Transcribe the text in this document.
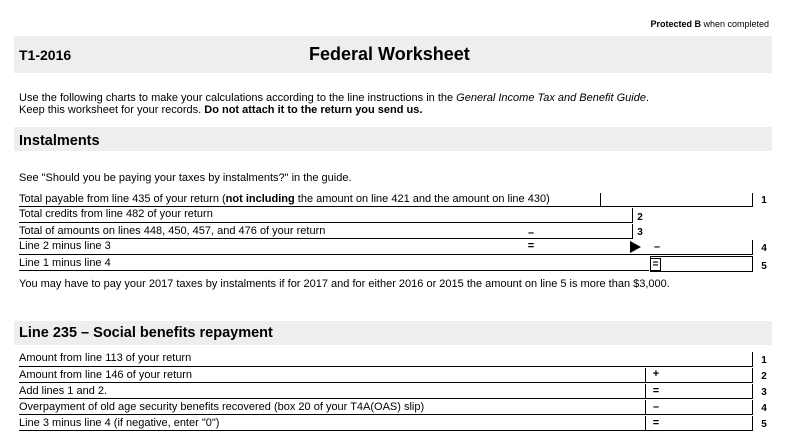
Protected B when completed
T1-2016	Federal Worksheet
Use the following charts to make your calculations according to the line instructions in the General Income Tax and Benefit Guide.
Keep this worksheet for your records. Do not attach it to the return you send us.
Instalments
See "Should you be paying your taxes by instalments?" in the guide.
Total payable from line 435 of your return (not including the amount on line 421 and the amount on line 430)	1
Total credits from line 482 of your return	2
Total of amounts on lines 448, 450, 457, and 476 of your return	–	3
Line 2 minus line 3	=	–	4
Line 1 minus line 4	=	5
You may have to pay your 2017 taxes by instalments if for 2017 and for either 2016 or 2015 the amount on line 5 is more than $3,000.
Line 235 – Social benefits repayment
Amount from line 113 of your return	1
Amount from line 146 of your return	+	2
Add lines 1 and 2.	=	3
Overpayment of old age security benefits recovered (box 20 of your T4A(OAS) slip)	–	4
Line 3 minus line 4 (if negative, enter "0")	=	5
